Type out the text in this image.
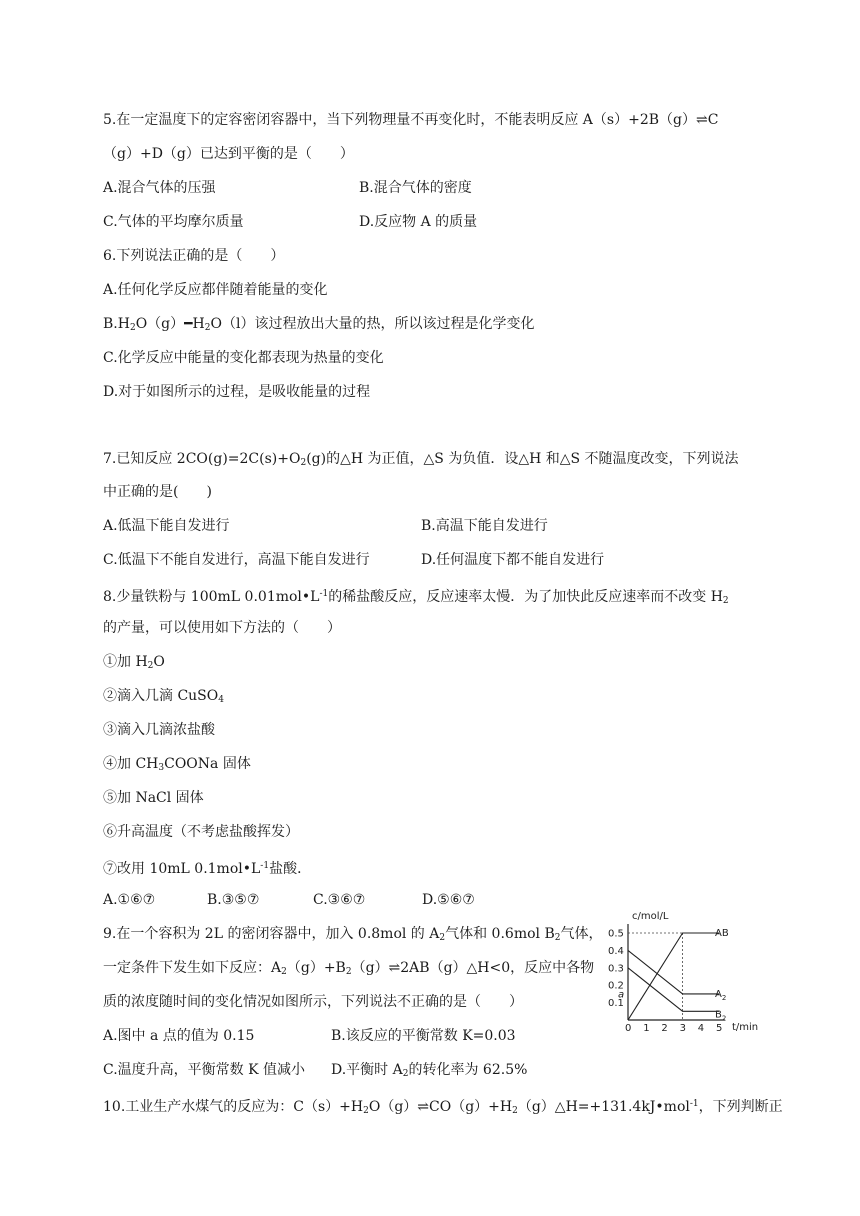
5.在一定温度下的定容密闭容器中，当下列物理量不再变化时，不能表明反应 A（s）+2B（g）⇌C
（g）+D（g）已达到平衡的是（　　）
A.混合气体的压强	B.混合气体的密度
C.气体的平均摩尔质量	D.反应物 A 的质量
6.下列说法正确的是（　　）
A.任何化学反应都伴随着能量的变化
$B.H_2O(g)━H_2O(l)$该过程放出大量的热，所以该过程是化学变化
C.化学反应中能量的变化都表现为热量的变化
D.对于如图所示的过程，是吸收能量的过程
7.已知反应 $2CO(g)=2C(s)+O_2(g)$的△H 为正值，△S 为负值．设△H 和△S 不随温度改变，下列说法
中正确的是(　　)
A.低温下能自发进行	B.高温下能自发进行
C.低温下不能自发进行，高温下能自发进行	D.任何温度下都不能自发进行
8.少量铁粉与 100mL $0.01mol•L^{-1}$的稀盐酸反应，反应速率太慢．为了加快此反应速率而不改变 $H_2$
的产量，可以使用如下方法的（　　）
①加 $H_2O$
②滴入几滴 CuSO$_4$
③滴入几滴浓盐酸
④加 $CH_3COONa$ 固体
⑤加 NaCl 固体
⑥升高温度（不考虑盐酸挥发）
⑦改用 10mL $0.1mol•L^{-1}$盐酸．
A.①⑥⑦	B.③⑤⑦	C.③⑥⑦	D.⑤⑥⑦
9.在一个容积为 2L 的密闭容器中，加入 0.8mol 的 $A_2$气体和 0.6mol $B_2$气体，
一定条件下发生如下反应：$A_2(g)+B_2(g)\rightleftharpoons 2AB(g)\triangle H<0$，反应中各物
质的浓度随时间的变化情况如图所示，下列说法不正确的是（　　）
A.图中 a 点的值为 0.15	B.该反应的平衡常数 K=0.03
C.温度升高，平衡常数 K 值减小 D.平衡时 $A_2$的转化率为 62.5%
10.工业生产水煤气的反应为：$C(s)+H_2O(g)\rightleftharpoons CO(g)+H_2(g)\triangle H=+131.4kJ•mol^{-1}$，下列判断正
c/mol/L
t/min
0.5
0.4
0.3
0.2
a
0.1
0 1 2 3 4 5
AB
$A_2$
$B_2$
